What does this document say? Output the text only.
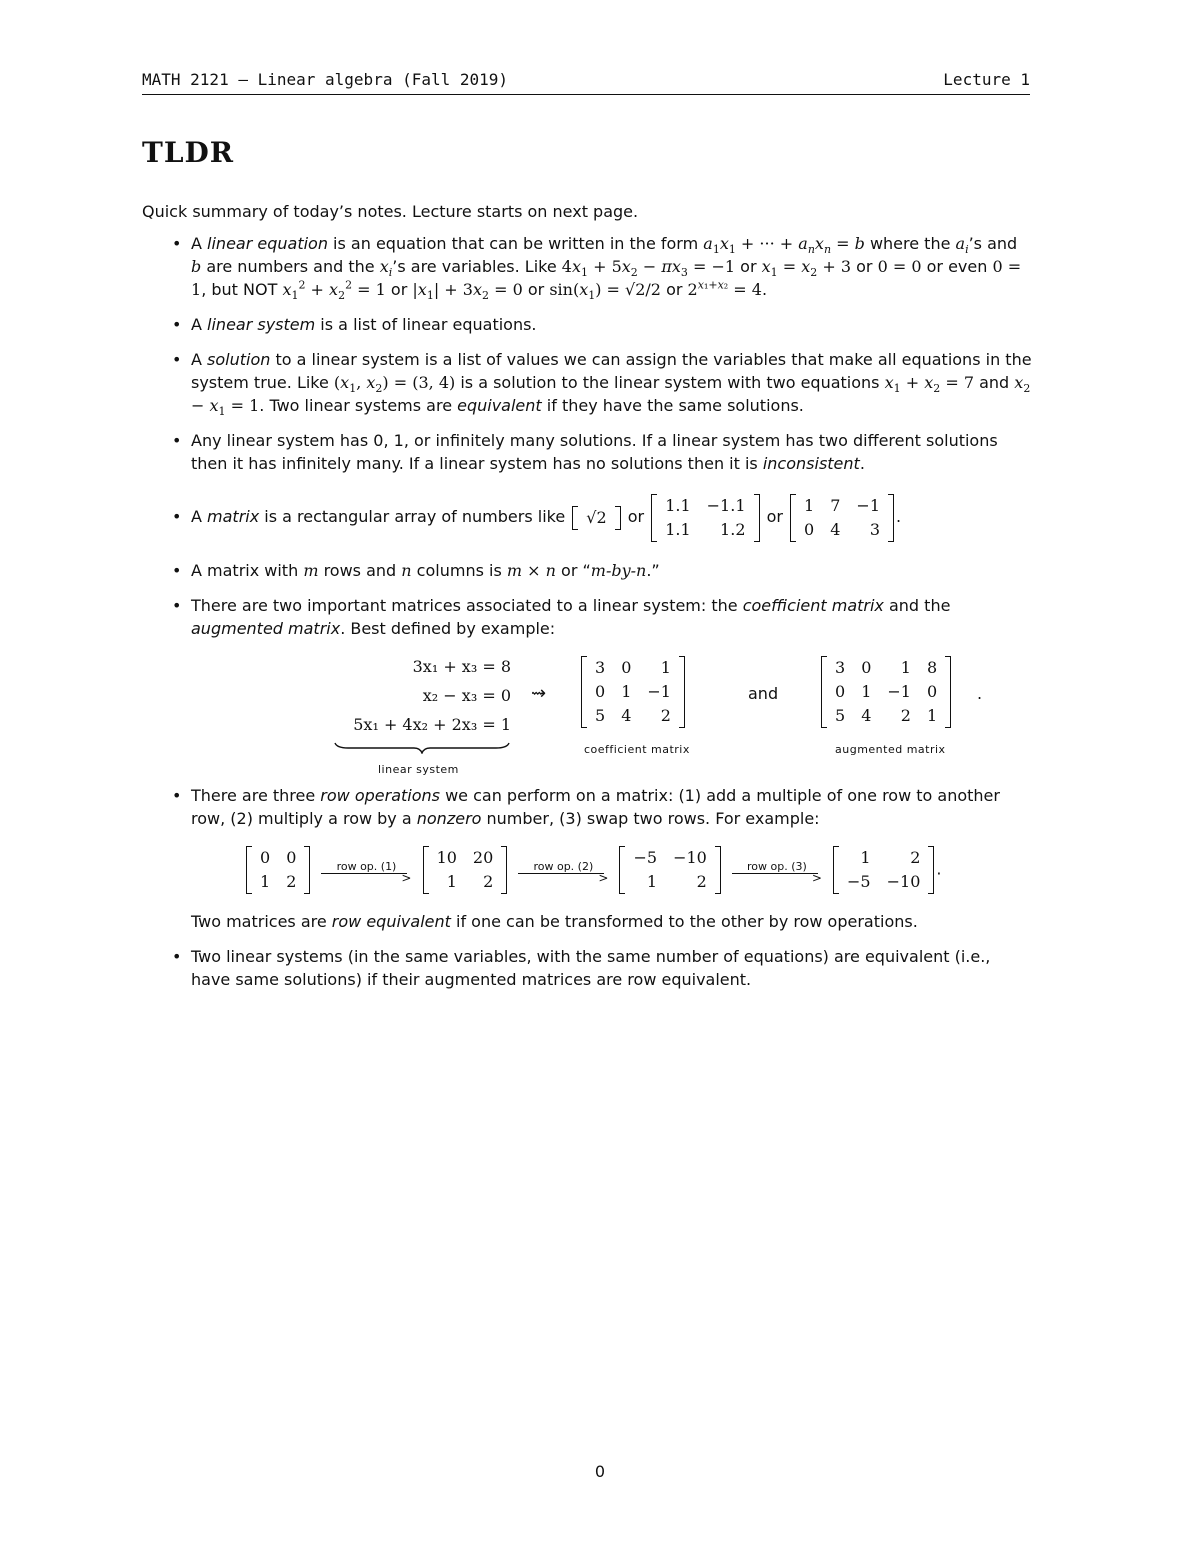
MATH 2121 — Linear algebra (Fall 2019)	Lecture 1
TLDR
Quick summary of today’s notes. Lecture starts on next page.
• A linear equation is an equation that can be written in the form $a_1x_1$ + ··· + $a_nx_n = b$ where the $a_i’s$ and b are numbers and the $x_i’s$ are variables. Like $4x_1 + 5x_2 - \pi x_3 = -1$ or $x_1 = x_2 + 3$ or 0 = 0 or even 0 = 1, but NOT $x_1^2 + x_2^2 = 1$ or $|x_1| + 3x_2 = 0$ or $\sin(x_1) = √2/2$ or $2^{x_1+x_2} = 4$.
• A linear system is a list of linear equations.
• A solution to a linear system is a list of values we can assign the variables that make all equations in the system true. Like ($x_1$, $x_2) = (3$, 4) is a solution to the linear system with two equations $x_1 + x_2 = 7$ and $x_2 - x_1 = 1$. Two linear systems are equivalent if they have the same solutions.
• Any linear system has 0, 1, or infinitely many solutions. If a linear system has two different solutions then it has infinitely many. If a linear system has no solutions then it is inconsistent.
• A matrix is a rectangular array of numbers like √2 or
1.1	−1.1
1.1	1.2
or
1	7	−1
0	4	3
.
• A matrix with m rows and n columns is m × n or “m-by-n.”
• There are two important matrices associated to a linear system: the coefficient matrix and the augmented matrix. Best defined by example:
3x₁ + x₃ = 8
x₂ − x₃ = 0
5x₁ + 4x₂ + 2x₃ = 1
linear system
⇝
3	0	1
0	1	−1
5	4	2
coefficient matrix
and
3	0	1	8
0	1	−1	0
5	4	2	1
.
augmented matrix
• There are three row operations we can perform on a matrix: (1) add a multiple of one row to another row, (2) multiply a row by a nonzero number, (3) swap two rows. For example:
0	0
1	2

row op. (1)
>

10	20
1	2

row op. (2)
>

−5	−10
1	2

row op. (3)
>

1	2
−5	−10
.
Two matrices are row equivalent if one can be transformed to the other by row operations.
• Two linear systems (in the same variables, with the same number of equations) are equivalent (i.e., have same solutions) if their augmented matrices are row equivalent.
0
